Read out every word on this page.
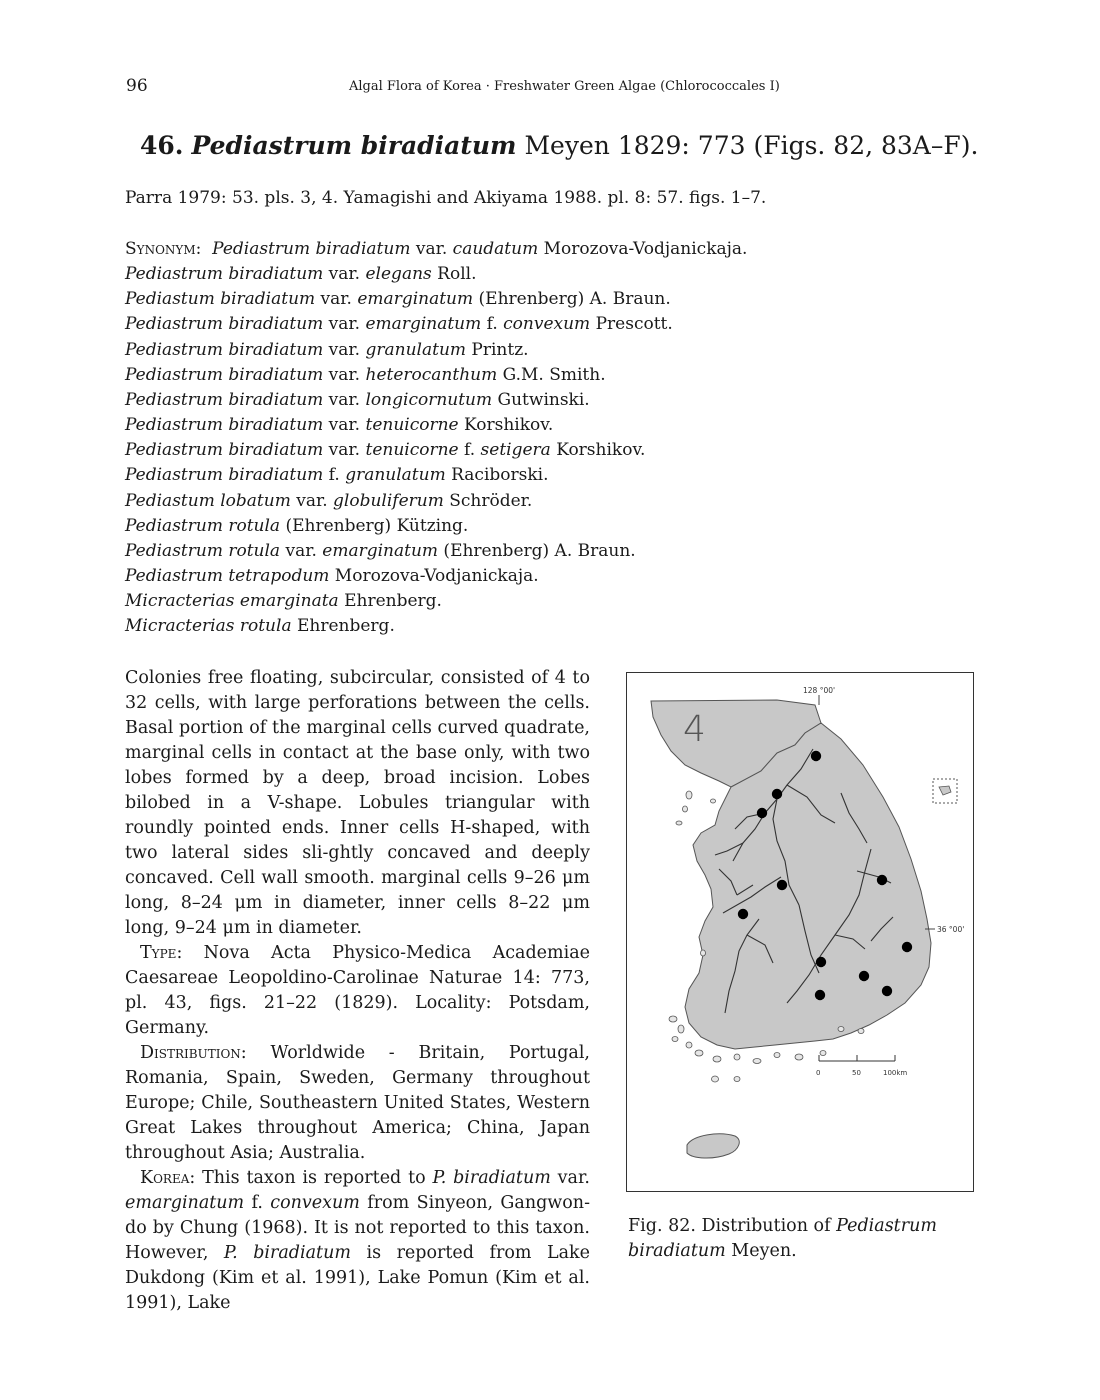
96	Algal Flora of Korea · Freshwater Green Algae (Chlorococcales I)
46. Pediastrum biradiatum Meyen 1829: 773 (Figs. 82, 83A–F).
Parra 1979: 53. pls. 3, 4. Yamagishi and Akiyama 1988. pl. 8: 57. figs. 1–7.
Synonym:  Pediastrum biradiatum var. caudatum Morozova-Vodjanickaja.
Pediastrum biradiatum var. elegans Roll.
Pediastum biradiatum var. emarginatum (Ehrenberg) A. Braun.
Pediastrum biradiatum var. emarginatum f. convexum Prescott.
Pediastrum biradiatum var. granulatum Printz.
Pediastrum biradiatum var. heterocanthum G.M. Smith.
Pediastrum biradiatum var. longicornutum Gutwinski.
Pediastrum biradiatum var. tenuicorne Korshikov.
Pediastrum biradiatum var. tenuicorne f. setigera Korshikov.
Pediastrum biradiatum f. granulatum Raciborski.
Pediastum lobatum var. globuliferum Schröder.
Pediastrum rotula (Ehrenberg) Kützing.
Pediastrum rotula var. emarginatum (Ehrenberg) A. Braun.
Pediastrum tetrapodum Morozova-Vodjanickaja.
Micracterias emarginata Ehrenberg.
Micracterias rotula Ehrenberg.
Colonies free floating, subcircular, consisted of 4 to 32 cells, with large perforations between the cells. Basal portion of the marginal cells curved quadrate, marginal cells in contact at the base only, with two lobes formed by a deep, broad incision. Lobes bilobed in a V-shape. Lobules triangular with roundly pointed ends. Inner cells H-shaped, with two lateral sides sli-ghtly concaved and deeply concaved. Cell wall smooth. marginal cells 9–26 μm long, 8–24 μm in diameter, inner cells 8–22 μm long, 9–24 μm in diameter.

Type: Nova Acta Physico-Medica Academiae Caesareae Leopoldino-Carolinae Naturae 14: 773, pl. 43, figs. 21–22 (1829). Locality: Potsdam, Germany.

Distribution: Worldwide - Britain, Portugal, Romania, Spain, Sweden, Germany throughout Europe; Chile, Southeastern United States, Western Great Lakes throughout America; China, Japan throughout Asia; Australia.

Korea: This taxon is reported to P. biradiatum var. emarginatum f. convexum from Sinyeon, Gangwon-do by Chung (1968). It is not reported to this taxon. However, P. biradiatum is reported from Lake Dukdong (Kim et al. 1991), Lake Pomun (Kim et al. 1991), Lake

4
128 °00'
36 °00'
0	50	100km
Fig. 82. Distribution of Pediastrum biradiatum Meyen.
